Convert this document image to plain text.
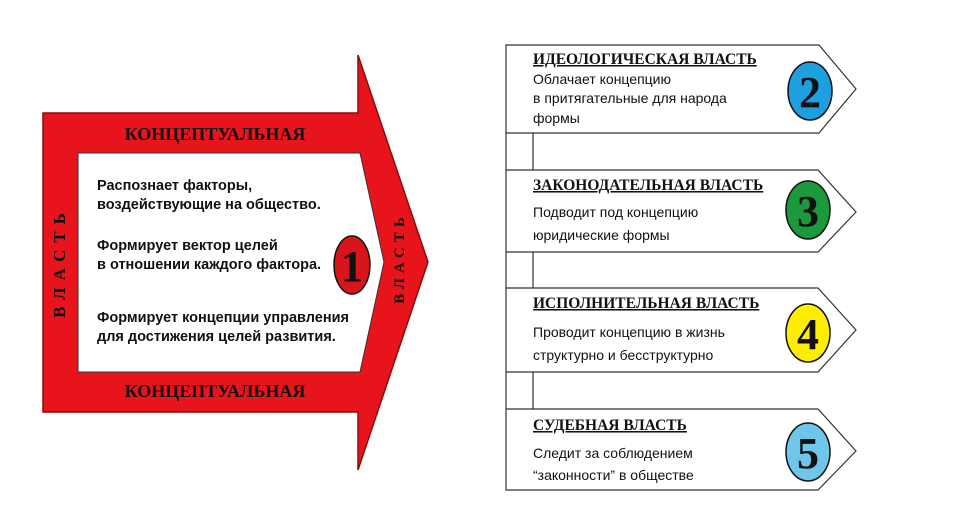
КОНЦЕПТУАЛЬНАЯ
КОНЦЕПТУАЛЬНАЯ
ВЛАСТЬ	ВЛАСТЬ
Распознает факторы,
воздействующие на общество.
Формирует вектор целей
в отношении каждого фактора.
Формирует концепции управления
для достижения целей развития.
1
ИДЕОЛОГИЧЕСКАЯ ВЛАСТЬ
Облачает концепцию
в притягательные для народа
формы
2
ЗАКОНОДАТЕЛЬНАЯ ВЛАСТЬ
Подводит под концепцию
юридические формы	3
ИСПОЛНИТЕЛЬНАЯ ВЛАСТЬ
Проводит концепцию в жизнь
структурно и бесструктурно 4
СУДЕБНАЯ ВЛАСТЬ
Следит за соблюдением
“законности” в обществе 5
